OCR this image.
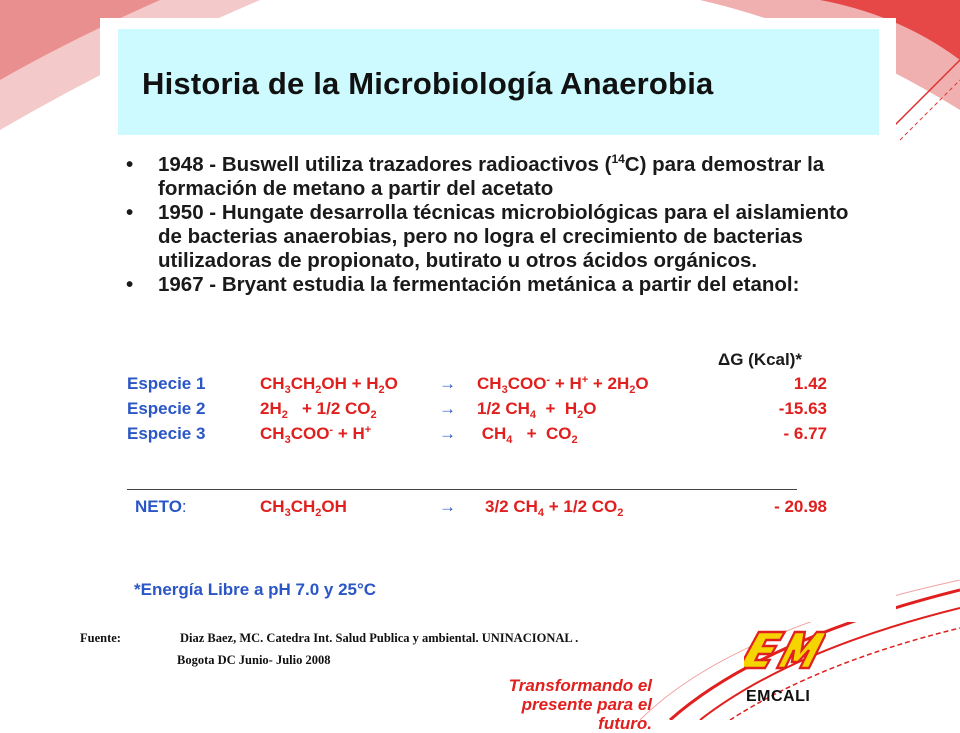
Historia de la Microbiología Anaerobia
• 1948 - Buswell utiliza trazadores radioactivos ($^{14}$C) para demostrar la formación de metano a partir del acetato
• 1950 - Hungate desarrolla técnicas microbiológicas para el aislamiento de bacterias anaerobias, pero no logra el crecimiento de bacterias utilizadoras de propionato, butirato u otros ácidos orgánicos.
• 1967 - Bryant estudia la fermentación metánica a partir del etanol:
ΔG (Kcal)*
Especie 1	$CH_3CH_2OH + H_2O \to CH_3COO^- + H^+ + 2H_2O$	1.42
Especie 2	$2H_2 + 1/2$ $CO_2$	→ 1/2 $CH_4 + H_2O$	-15.63
Especie 3	$CH_3COO^- + H^+$	→ $CH_4 + CO_2$	- 6.77
NETO:	$CH_3CH_2OH$	→ 3/2 $CH_4 + 1/2$ $CO_2$	- 20.98
*Energía Libre a pH 7.0 y 25°C
Fuente:	Diaz Baez, MC. Catedra Int. Salud Publica y ambiental. UNINACIONAL .
Bogota DC Junio- Julio 2008
Transformando el
presente para el futuro.
EMCALI
